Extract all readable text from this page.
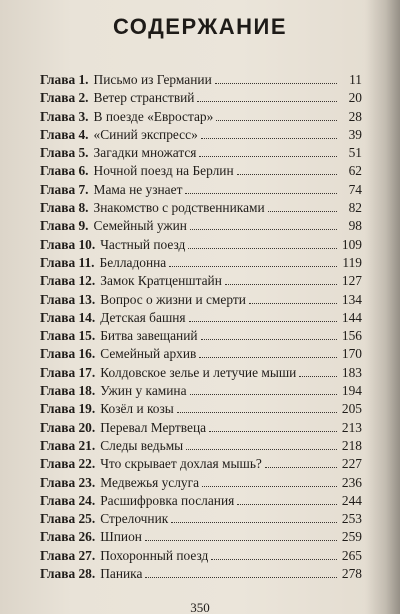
СОДЕРЖАНИЕ
Глава 1. Письмо из Германии	11
Глава 2. Ветер странствий	20
Глава 3. В поезде «Евростар»	28
Глава 4. «Синий экспресс»	39
Глава 5. Загадки множатся	51
Глава 6. Ночной поезд на Берлин	62
Глава 7. Мама не узнает	74
Глава 8. Знакомство с родственниками	82
Глава 9. Семейный ужин	98
Глава 10. Частный поезд	109
Глава 11. Белладонна	119
Глава 12. Замок Кратценштайн	127
Глава 13. Вопрос о жизни и смерти	134
Глава 14. Детская башня	144
Глава 15. Битва завещаний	156
Глава 16. Семейный архив	170
Глава 17. Колдовское зелье и летучие мыши	183
Глава 18. Ужин у камина	194
Глава 19. Козёл и козы	205
Глава 20. Перевал Мертвеца	213
Глава 21. Следы ведьмы	218
Глава 22. Что скрывает дохлая мышь?	227
Глава 23. Медвежья услуга	236
Глава 24. Расшифровка послания	244
Глава 25. Стрелочник	253
Глава 26. Шпион	259
Глава 27. Похоронный поезд	265
Глава 28. Паника	278
350
